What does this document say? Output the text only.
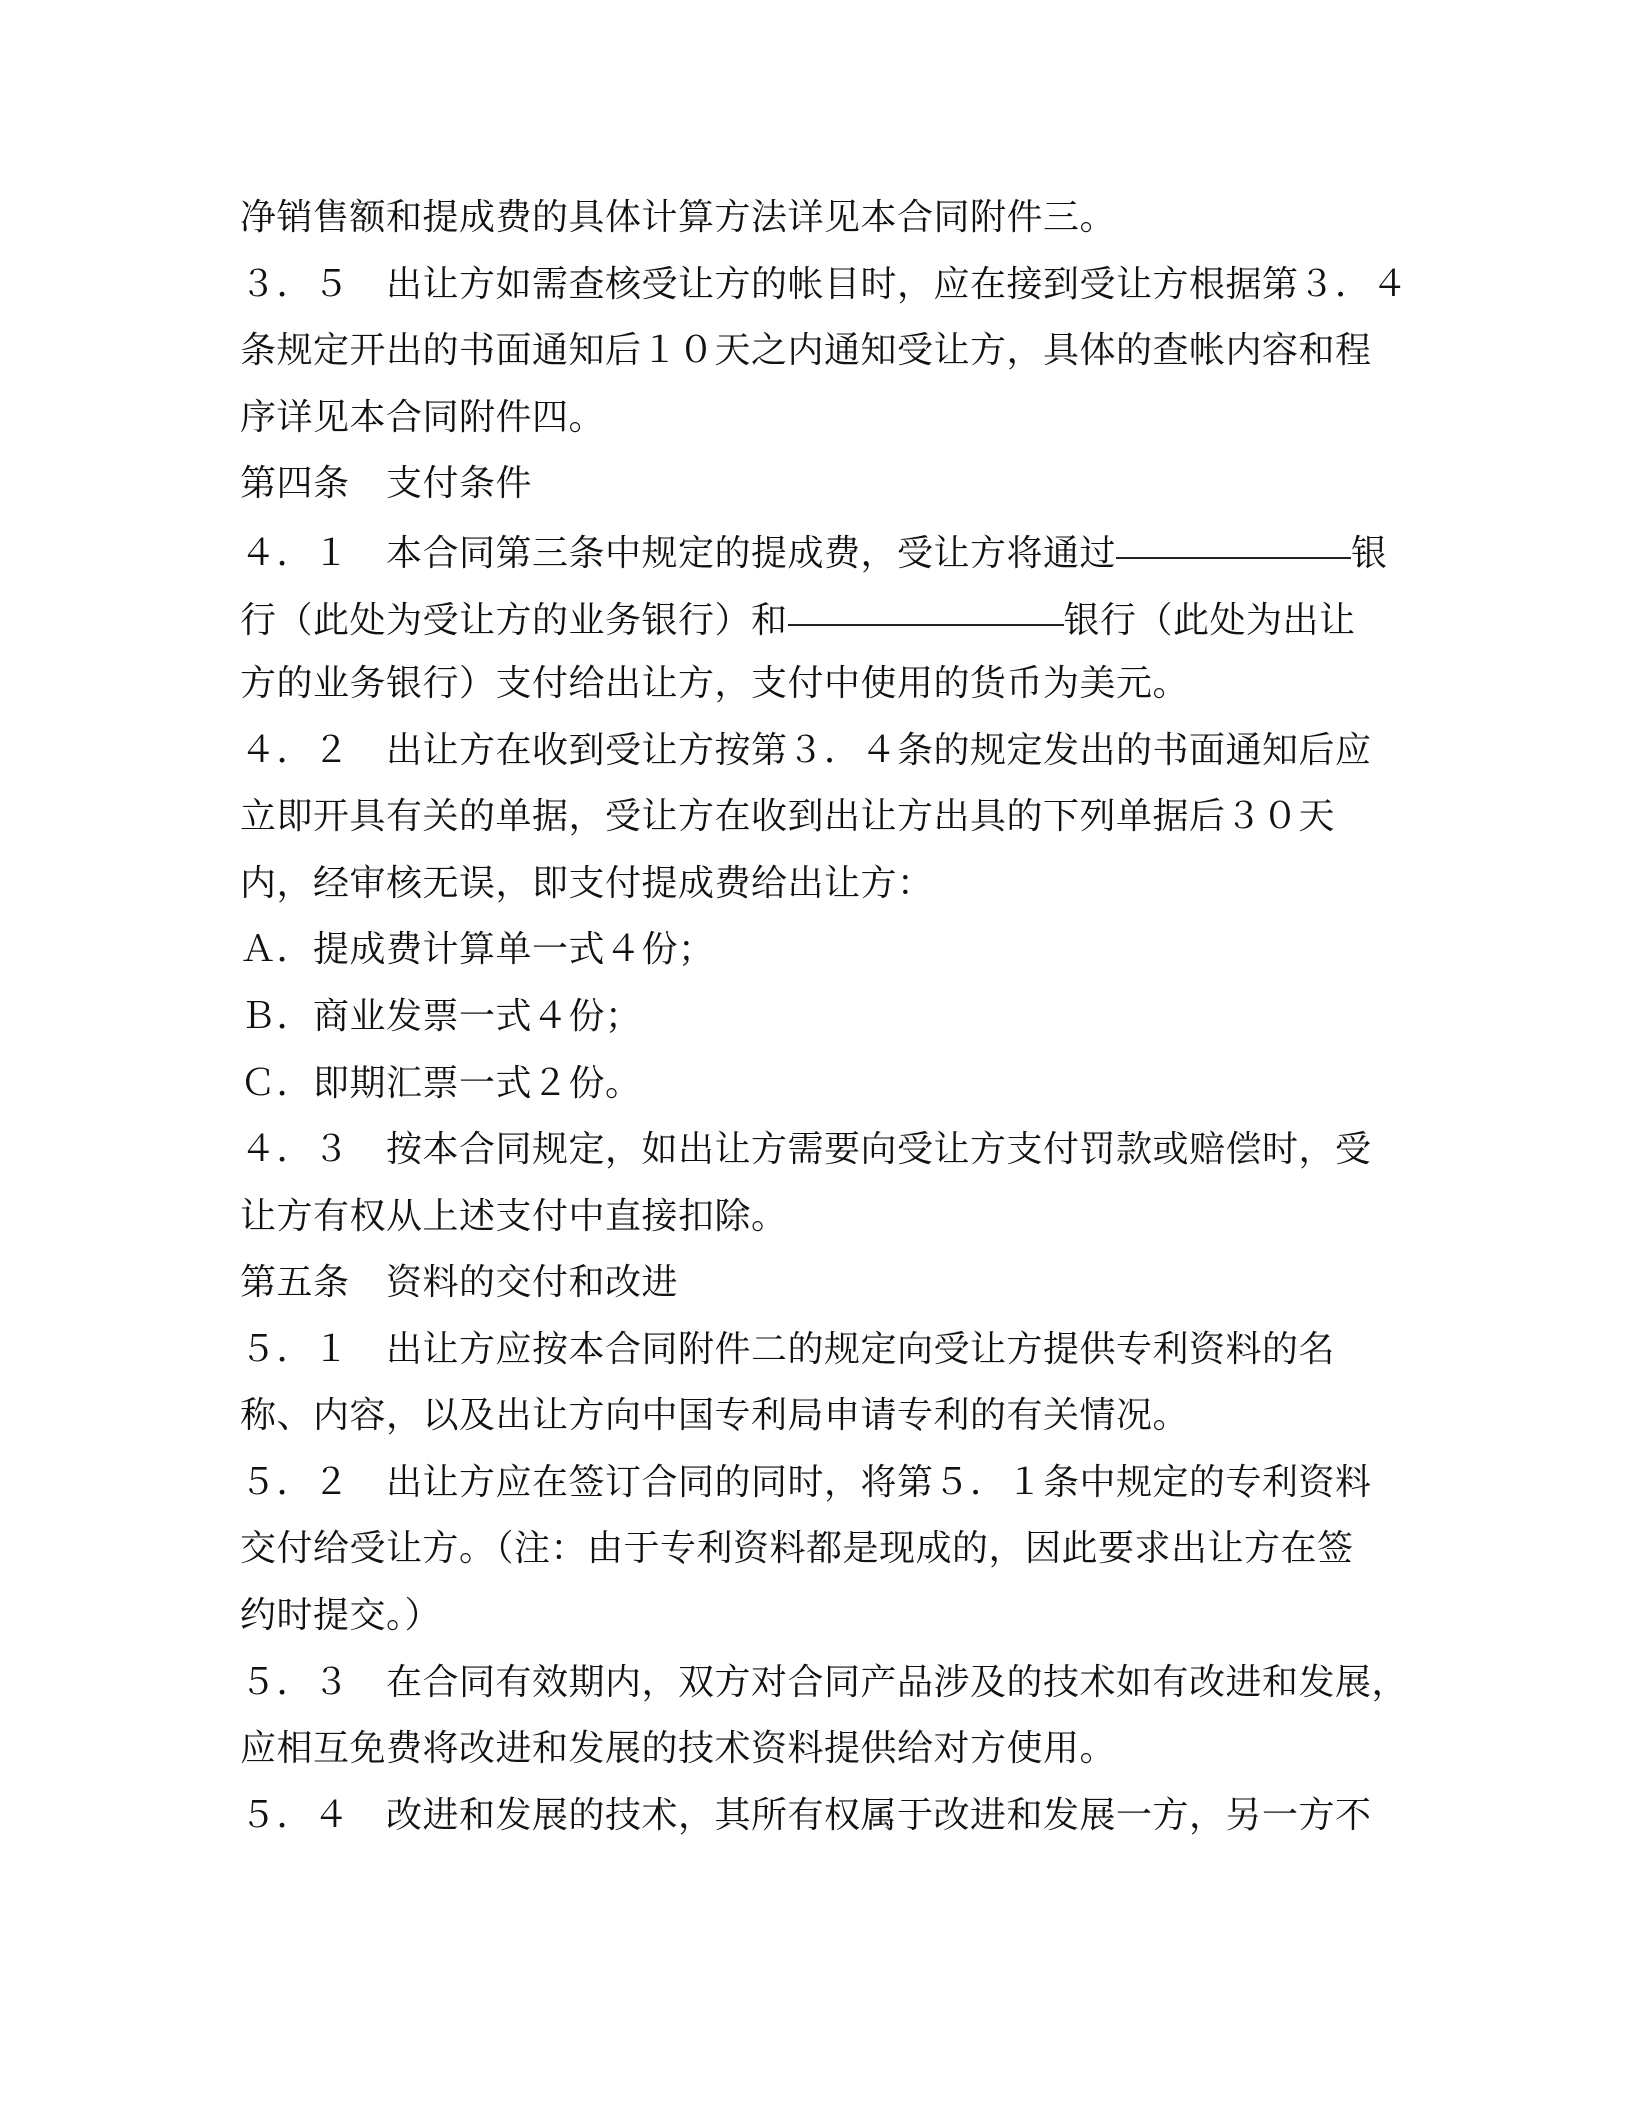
净销售额和提成费的具体计算方法详见本合同附件三。
３．５　出让方如需查核受让方的帐目时，应在接到受让方根据第３．４
条规定开出的书面通知后１０天之内通知受让方，具体的查帐内容和程
序详见本合同附件四。
第四条　支付条件
４．１　本合同第三条中规定的提成费，受让方将通过	银
行（此处为受让方的业务银行）和	银行（此处为出让
方的业务银行）支付给出让方，支付中使用的货币为美元。
４．２　出让方在收到受让方按第３．４条的规定发出的书面通知后应
立即开具有关的单据，受让方在收到出让方出具的下列单据后３０天
内，经审核无误，即支付提成费给出让方：
Ａ．提成费计算单一式４份；
Ｂ．商业发票一式４份；
Ｃ．即期汇票一式２份。
４．３　按本合同规定，如出让方需要向受让方支付罚款或赔偿时，受
让方有权从上述支付中直接扣除。
第五条　资料的交付和改进
５．１　出让方应按本合同附件二的规定向受让方提供专利资料的名
称、内容，以及出让方向中国专利局申请专利的有关情况。
５．２　出让方应在签订合同的同时，将第５．１条中规定的专利资料
交付给受让方。（注：由于专利资料都是现成的，因此要求出让方在签
约时提交。）
５．３　在合同有效期内，双方对合同产品涉及的技术如有改进和发展，
应相互免费将改进和发展的技术资料提供给对方使用。
５．４　改进和发展的技术，其所有权属于改进和发展一方，另一方不
